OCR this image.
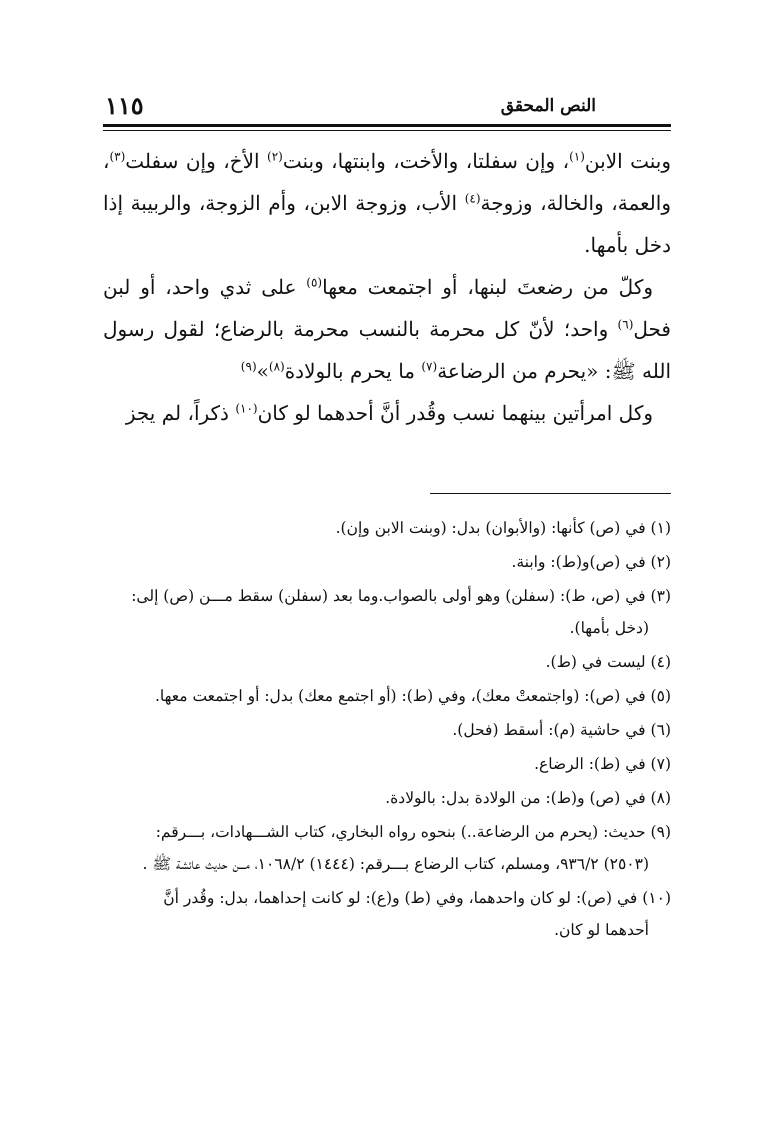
النص المحقق
١١٥

وبنت الابن$^{(١)}$، وإن سفلتا، والأخت، وابنتها، وبنت$^{(٢)}$ الأخ، وإن سفلت$^{(٣)}$، والعمة، والخالة، وزوجة$^{(٤)}$ الأب، وزوجة الابن، وأم الزوجة، والربيبة إذا دخل بأمها.

وكلّ من رضعتَ لبنها، أو اجتمعت معها$^{(٥)}$ على ثدي واحد، أو لبن فحل$^{(٦)}$ واحد؛ لأنّ كل محرمة بالنسب محرمة بالرضاع؛ لقول رسول الله ﷺ: «يحرم من الرضاعة$^{(٧)}$ ما يحرم بالولادة$^{(٨)}$»$^{(٩)}$

وكل امرأتين بينهما نسب وقُدر أنَّ أحدهما لو كان$^{(١٠)}$ ذكراً، لم يجز

(١) في (ص) كأنها: (والأبوان) بدل: (وبنت الابن وإن).
(٢) في (ص)و(ط): وابنة.
(٣) في (ص، ط): (سفلن) وهو أولى بالصواب.وما بعد (سفلن) سقط مـــن (ص) إلى:
(دخل بأمها).
(٤) ليست في (ط).
(٥) في (ص): (واجتمعتْ معك)، وفي (ط): (أو اجتمع معك) بدل: أو اجتمعت معها.
(٦) في حاشية (م): أسقط (فحل).
(٧) في (ط): الرضاع.
(٨) في (ص) و(ط): من الولادة بدل: بالولادة.
(٩) حديث: (يحرم من الرضاعة..) بنحوه رواه البخاري، كتاب الشـــهادات، بـــرقم:
(٢٥٠٣) ٩٣٦/٢، ومسلم، كتاب الرضاع بـــرقم: (١٤٤٤) ١٠٦٨/٢، مـــن حديث عائشة ﷺ .
(١٠) في (ص): لو كان واحدهما، وفي (ط) و(ع): لو كانت إحداهما، بدل: وقُدر أنَّ
أحدهما لو كان.
